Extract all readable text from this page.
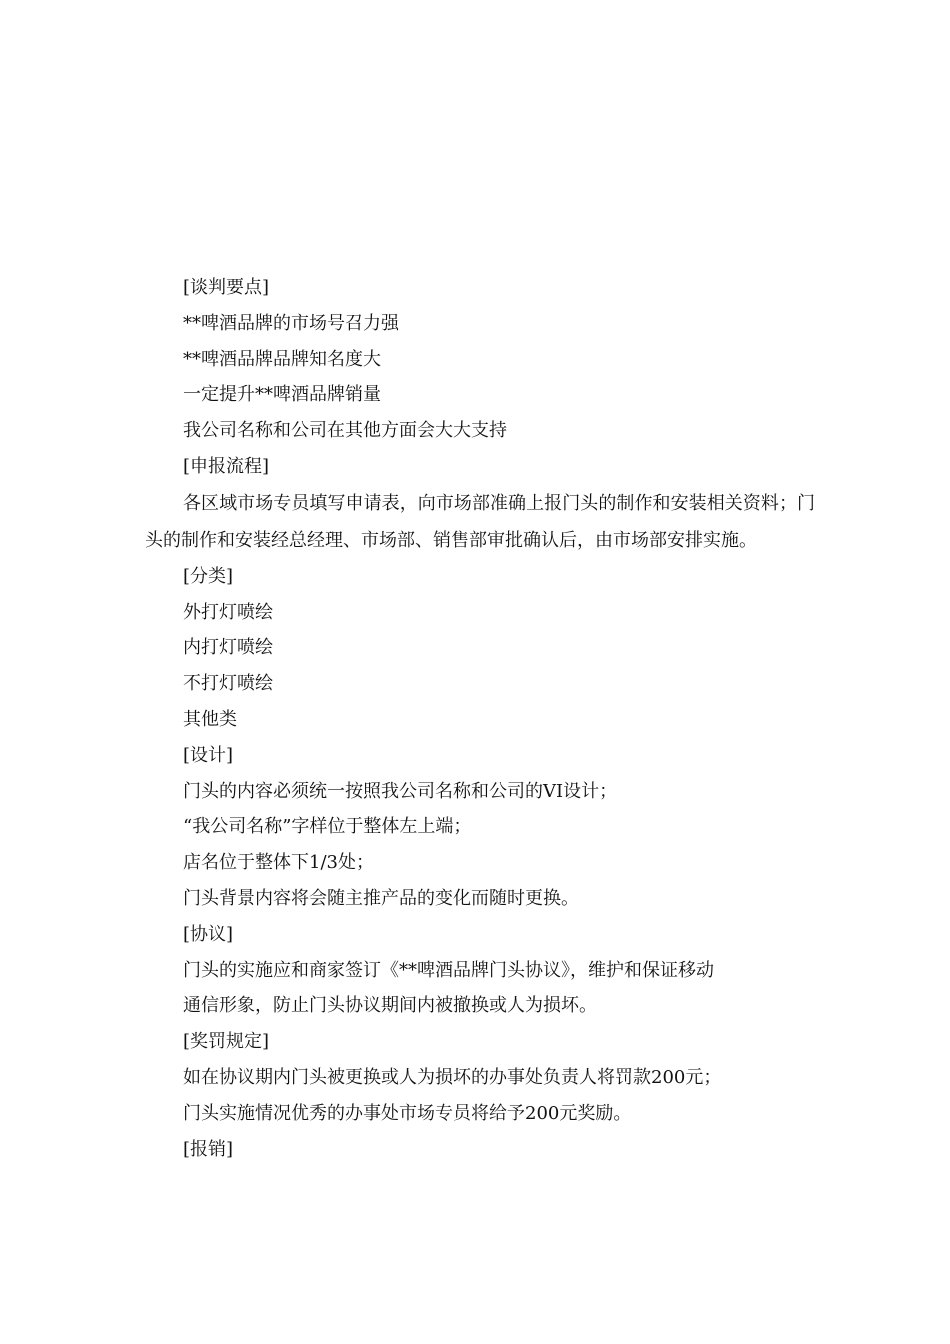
[谈判要点]

**啤酒品牌的市场号召力强

**啤酒品牌品牌知名度大

一定提升**啤酒品牌销量

我公司名称和公司在其他方面会大大支持

[申报流程]

各区域市场专员填写申请表，向市场部准确上报门头的制作和安装相关资料；门头的制作和安装经总经理、市场部、销售部审批确认后，由市场部安排实施。

[分类]

外打灯喷绘

内打灯喷绘

不打灯喷绘

其他类

[设计]

门头的内容必须统一按照我公司名称和公司的VI设计；

“我公司名称”字样位于整体左上端；

店名位于整体下1/3处；

门头背景内容将会随主推产品的变化而随时更换。

[协议]

门头的实施应和商家签订《**啤酒品牌门头协议》，维护和保证移动

通信形象，防止门头协议期间内被撤换或人为损坏。

[奖罚规定]

如在协议期内门头被更换或人为损坏的办事处负责人将罚款200元；

门头实施情况优秀的办事处市场专员将给予200元奖励。

[报销]
